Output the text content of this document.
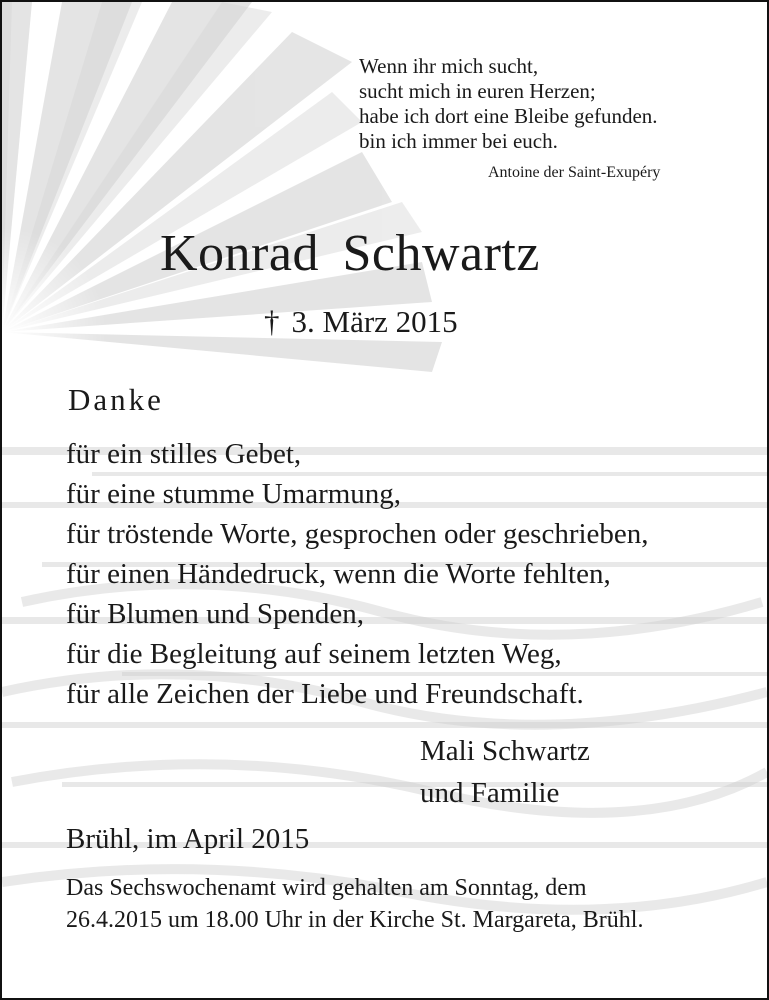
Wenn ihr mich sucht,
sucht mich in euren Herzen;
habe ich dort eine Bleibe gefunden.
bin ich immer bei euch.
Antoine der Saint-Exupéry
Konrad Schwartz
† 3. März 2015
Danke
für ein stilles Gebet,
für eine stumme Umarmung,
für tröstende Worte, gesprochen oder geschrieben,
für einen Händedruck, wenn die Worte fehlten,
für Blumen und Spenden,
für die Begleitung auf seinem letzten Weg,
für alle Zeichen der Liebe und Freundschaft.
Mali Schwartz
und Familie
Brühl, im April 2015
Das Sechswochenamt wird gehalten am Sonntag, dem
26.4.2015 um 18.00 Uhr in der Kirche St. Margareta, Brühl.
